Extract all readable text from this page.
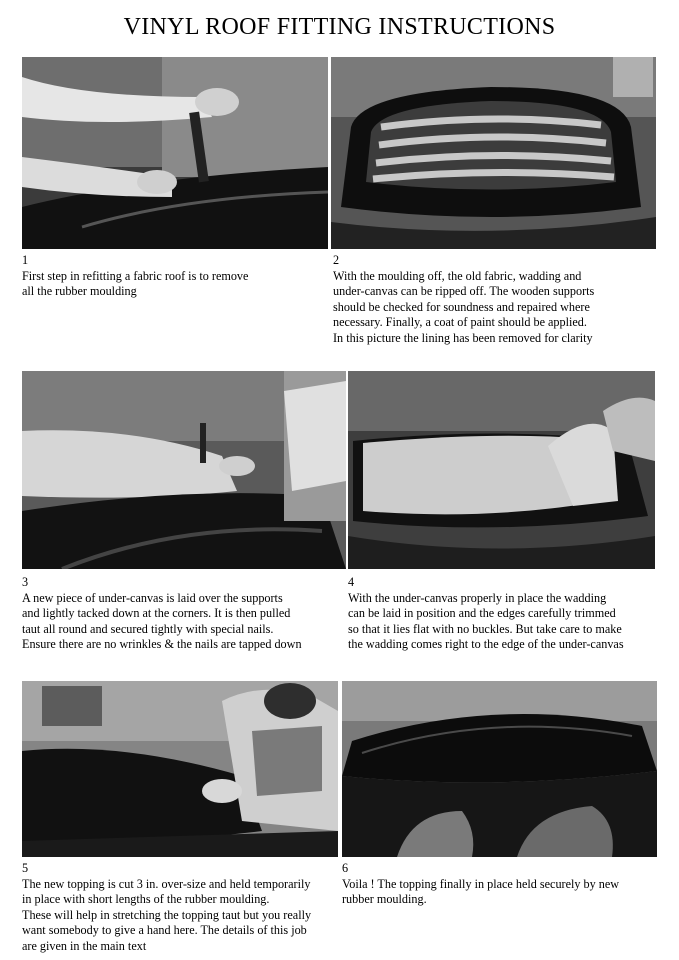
VINYL ROOF FITTING INSTRUCTIONS
1

First step in refitting a fabric roof is to remove

all the rubber moulding

2

With the moulding off, the old fabric, wadding and

under-canvas can be ripped off. The wooden supports

should be checked for soundness and repaired where

necessary. Finally, a coat of paint should be applied.

In this picture the lining has been removed for clarity

3

A new piece of under-canvas is laid over the supports

and lightly tacked down at the corners. It is then pulled

taut all round and secured tightly with special nails.

Ensure there are no wrinkles & the nails are tapped down

4

With the under-canvas properly in place the wadding

can be laid in position and the edges carefully trimmed

so that it lies flat with no buckles. But take care to make

the wadding comes right to the edge of the under-canvas

5

The new topping is cut 3 in. over-size and held temporarily

in place with short lengths of the rubber moulding.

These will help in stretching the topping taut but you really

want somebody to give a hand here. The details of this job

are given in the main text

6

Voila ! The topping finally in place held securely by new

rubber moulding.
